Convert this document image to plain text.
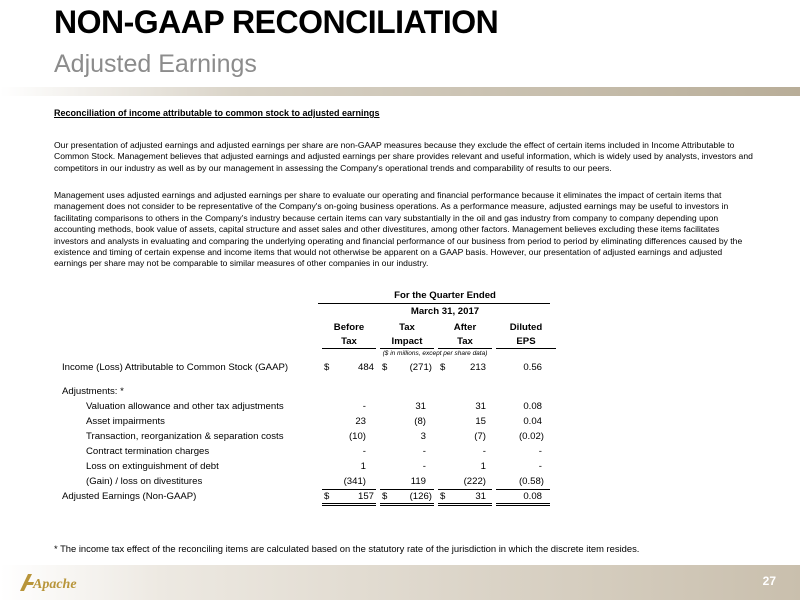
NON-GAAP RECONCILIATION
Adjusted Earnings
Reconciliation of income attributable to common stock to adjusted earnings
Our presentation of adjusted earnings and adjusted earnings per share are non-GAAP measures because they exclude the effect of certain items included in Income Attributable to Common Stock. Management believes that adjusted earnings and adjusted earnings per share provides relevant and useful information, which is widely used by analysts, investors and competitors in our industry as well as by our management in assessing the Company's operational trends and comparability of results to our peers.
Management uses adjusted earnings and adjusted earnings per share to evaluate our operating and financial performance because it eliminates the impact of certain items that management does not consider to be representative of the Company's on-going business operations. As a performance measure, adjusted earnings may be useful to investors in facilitating comparisons to others in the Company's industry because certain items can vary substantially in the oil and gas industry from company to company depending upon accounting methods, book value of assets, capital structure and asset sales and other divestitures, among other factors. Management believes excluding these items facilitates investors and analysts in evaluating and comparing the underlying operating and financial performance of our business from period to period by eliminating differences caused by the existence and timing of certain expense and income items that would not otherwise be apparent on a GAAP basis. However, our presentation of adjusted earnings and adjusted earnings per share may not be comparable to similar measures of other companies in our industry.
For the Quarter Ended
March 31, 2017
Before	Tax	After	Diluted
Tax	Impact	Tax	EPS
($ in millions, except per share data)
Income (Loss) Attributable to Common Stock (GAAP)	$	484 $	(271) $	213	0.56
Adjustments: *
Valuation allowance and other tax adjustments	-	31	31	0.08
Asset impairments	23	(8)	15	0.04
Transaction, reorganization & separation costs	(10)	3	(7)	(0.02)
Contract termination charges	-	-	-	-
Loss on extinguishment of debt	1	-	1	-
(Gain) / loss on divestitures	(341)	119	(222)	(0.58)
Adjusted Earnings (Non-GAAP)	$	157 $	(126) $	31	0.08
* The income tax effect of the reconciling items are calculated based on the statutory rate of the jurisdiction in which the discrete item resides.
Apache	27
